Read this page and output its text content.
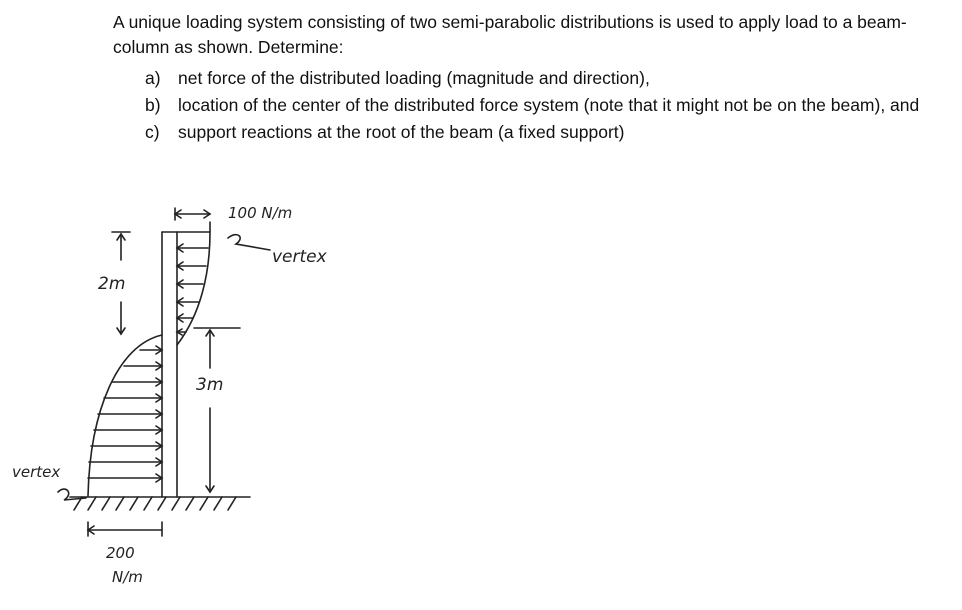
A unique loading system consisting of two semi-parabolic distributions is used to apply load to a beam-column as shown. Determine:

a) net force of the distributed loading (magnitude and direction),
b) location of the center of the distributed force system (note that it might not be on the beam), and
c)	support reactions at the root of the beam (a fixed support)
100 N/m
vertex
2m
3m
vertex
200
N/m
